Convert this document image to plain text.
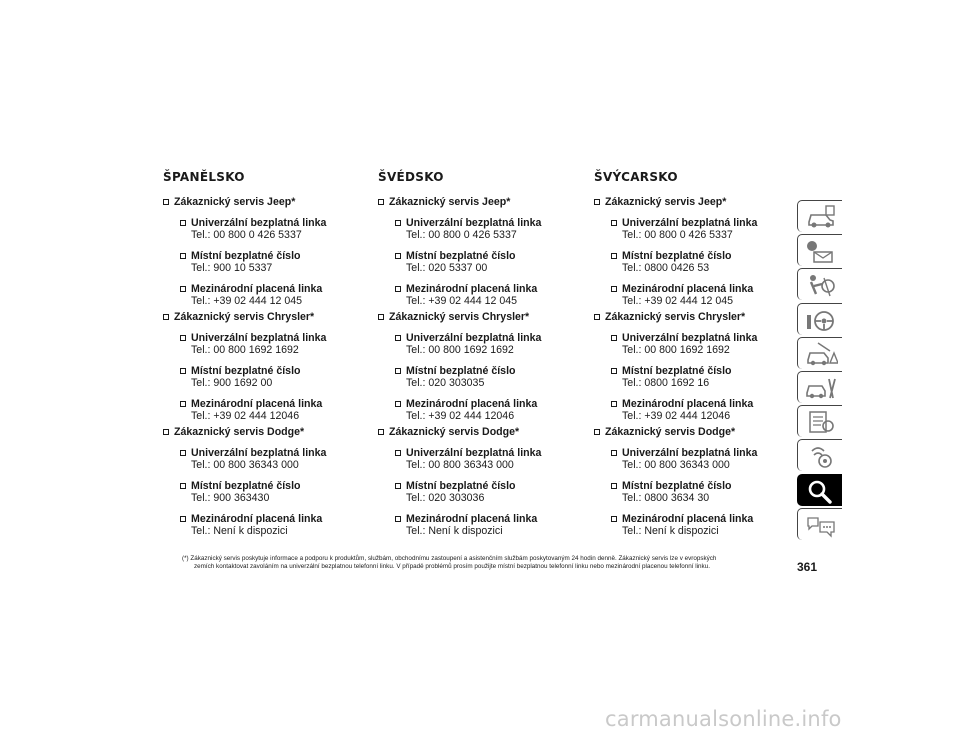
ŠPANĚLSKO
Zákaznický servis Jeep*
Univerzální bezplatná linka
Tel.: 00 800 0 426 5337
Místní bezplatné číslo
Tel.: 900 10 5337
Mezinárodní placená linka
Tel.: +39 02 444 12 045
Zákaznický servis Chrysler*
Univerzální bezplatná linka
Tel.: 00 800 1692 1692
Místní bezplatné číslo
Tel.: 900 1692 00
Mezinárodní placená linka
Tel.: +39 02 444 12046
Zákaznický servis Dodge*
Univerzální bezplatná linka
Tel.: 00 800 36343 000
Místní bezplatné číslo
Tel.: 900 363430
Mezinárodní placená linka
Tel.: Není k dispozici
ŠVÉDSKO
Zákaznický servis Jeep*
Univerzální bezplatná linka
Tel.: 00 800 0 426 5337
Místní bezplatné číslo
Tel.: 020 5337 00
Mezinárodní placená linka
Tel.: +39 02 444 12 045
Zákaznický servis Chrysler*
Univerzální bezplatná linka
Tel.: 00 800 1692 1692
Místní bezplatné číslo
Tel.: 020 303035
Mezinárodní placená linka
Tel.: +39 02 444 12046
Zákaznický servis Dodge*
Univerzální bezplatná linka
Tel.: 00 800 36343 000
Místní bezplatné číslo
Tel.: 020 303036
Mezinárodní placená linka
Tel.: Není k dispozici
ŠVÝCARSKO
Zákaznický servis Jeep*
Univerzální bezplatná linka
Tel.: 00 800 0 426 5337
Místní bezplatné číslo
Tel.: 0800 0426 53
Mezinárodní placená linka
Tel.: +39 02 444 12 045
Zákaznický servis Chrysler*
Univerzální bezplatná linka
Tel.: 00 800 1692 1692
Místní bezplatné číslo
Tel.: 0800 1692 16
Mezinárodní placená linka
Tel.: +39 02 444 12046
Zákaznický servis Dodge*
Univerzální bezplatná linka
Tel.: 00 800 36343 000
Místní bezplatné číslo
Tel.: 0800 3634 30
Mezinárodní placená linka
Tel.: Není k dispozici
(*) Zákaznický servis poskytuje informace a podporu k produktům, službám, obchodnímu zastoupení a asistenčním službám poskytovaným 24 hodin denně. Zákaznický servis lze v evropských
zemích kontaktovat zavoláním na univerzální bezplatnou telefonní linku. V případě problémů prosím použijte místní bezplatnou telefonní linku nebo mezinárodní placenou telefonní linku.	361
carmanualsonline.info
